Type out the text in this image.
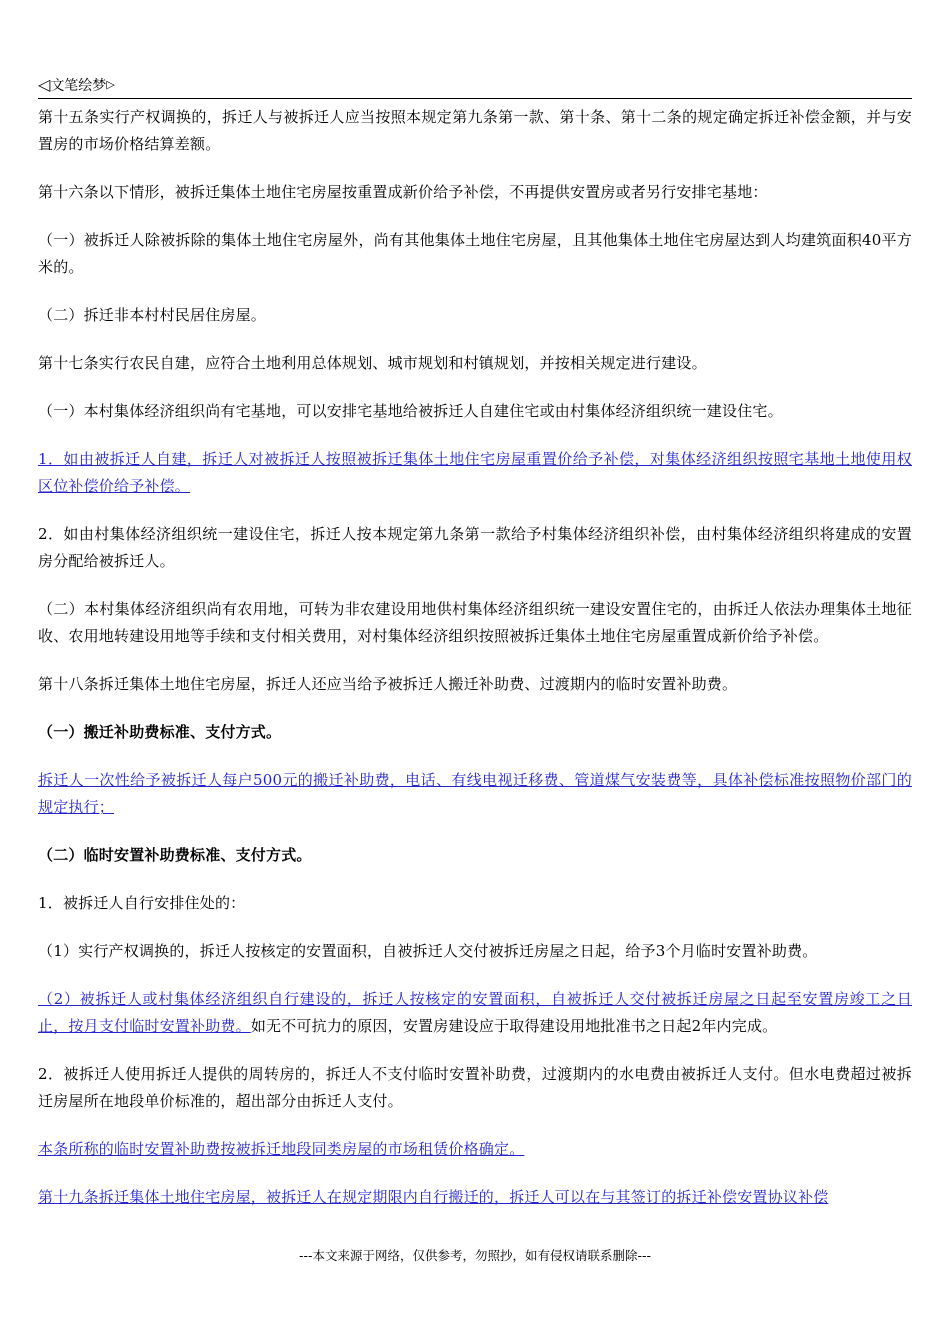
◁文笔绘梦▷

第十五条实行产权调换的，拆迁人与被拆迁人应当按照本规定第九条第一款、第十条、第十二条的规定确定拆迁补偿金额，并与安置房的市场价格结算差额。

第十六条以下情形，被拆迁集体土地住宅房屋按重置成新价给予补偿，不再提供安置房或者另行安排宅基地：

（一）被拆迁人除被拆除的集体土地住宅房屋外，尚有其他集体土地住宅房屋，且其他集体土地住宅房屋达到人均建筑面积40平方米的。

（二）拆迁非本村村民居住房屋。

第十七条实行农民自建，应符合土地利用总体规划、城市规划和村镇规划，并按相关规定进行建设。

（一）本村集体经济组织尚有宅基地，可以安排宅基地给被拆迁人自建住宅或由村集体经济组织统一建设住宅。

1．如由被拆迁人自建，拆迁人对被拆迁人按照被拆迁集体土地住宅房屋重置价给予补偿，对集体经济组织按照宅基地土地使用权区位补偿价给予补偿。

2．如由村集体经济组织统一建设住宅，拆迁人按本规定第九条第一款给予村集体经济组织补偿，由村集体经济组织将建成的安置房分配给被拆迁人。

（二）本村集体经济组织尚有农用地，可转为非农建设用地供村集体经济组织统一建设安置住宅的，由拆迁人依法办理集体土地征收、农用地转建设用地等手续和支付相关费用，对村集体经济组织按照被拆迁集体土地住宅房屋重置成新价给予补偿。

第十八条拆迁集体土地住宅房屋，拆迁人还应当给予被拆迁人搬迁补助费、过渡期内的临时安置补助费。

（一）搬迁补助费标准、支付方式。

拆迁人一次性给予被拆迁人每户500元的搬迁补助费，电话、有线电视迁移费、管道煤气安装费等，具体补偿标准按照物价部门的规定执行；

（二）临时安置补助费标准、支付方式。

1．被拆迁人自行安排住处的：

（1）实行产权调换的，拆迁人按核定的安置面积，自被拆迁人交付被拆迁房屋之日起，给予3个月临时安置补助费。

（2）被拆迁人或村集体经济组织自行建设的，拆迁人按核定的安置面积，自被拆迁人交付被拆迁房屋之日起至安置房竣工之日止，按月支付临时安置补助费。如无不可抗力的原因，安置房建设应于取得建设用地批准书之日起2年内完成。

2．被拆迁人使用拆迁人提供的周转房的，拆迁人不支付临时安置补助费，过渡期内的水电费由被拆迁人支付。但水电费超过被拆迁房屋所在地段单价标准的，超出部分由拆迁人支付。

本条所称的临时安置补助费按被拆迁地段同类房屋的市场租赁价格确定。

第十九条拆迁集体土地住宅房屋，被拆迁人在规定期限内自行搬迁的，拆迁人可以在与其签订的拆迁补偿安置协议补偿

---本文来源于网络，仅供参考，勿照抄，如有侵权请联系删除---
